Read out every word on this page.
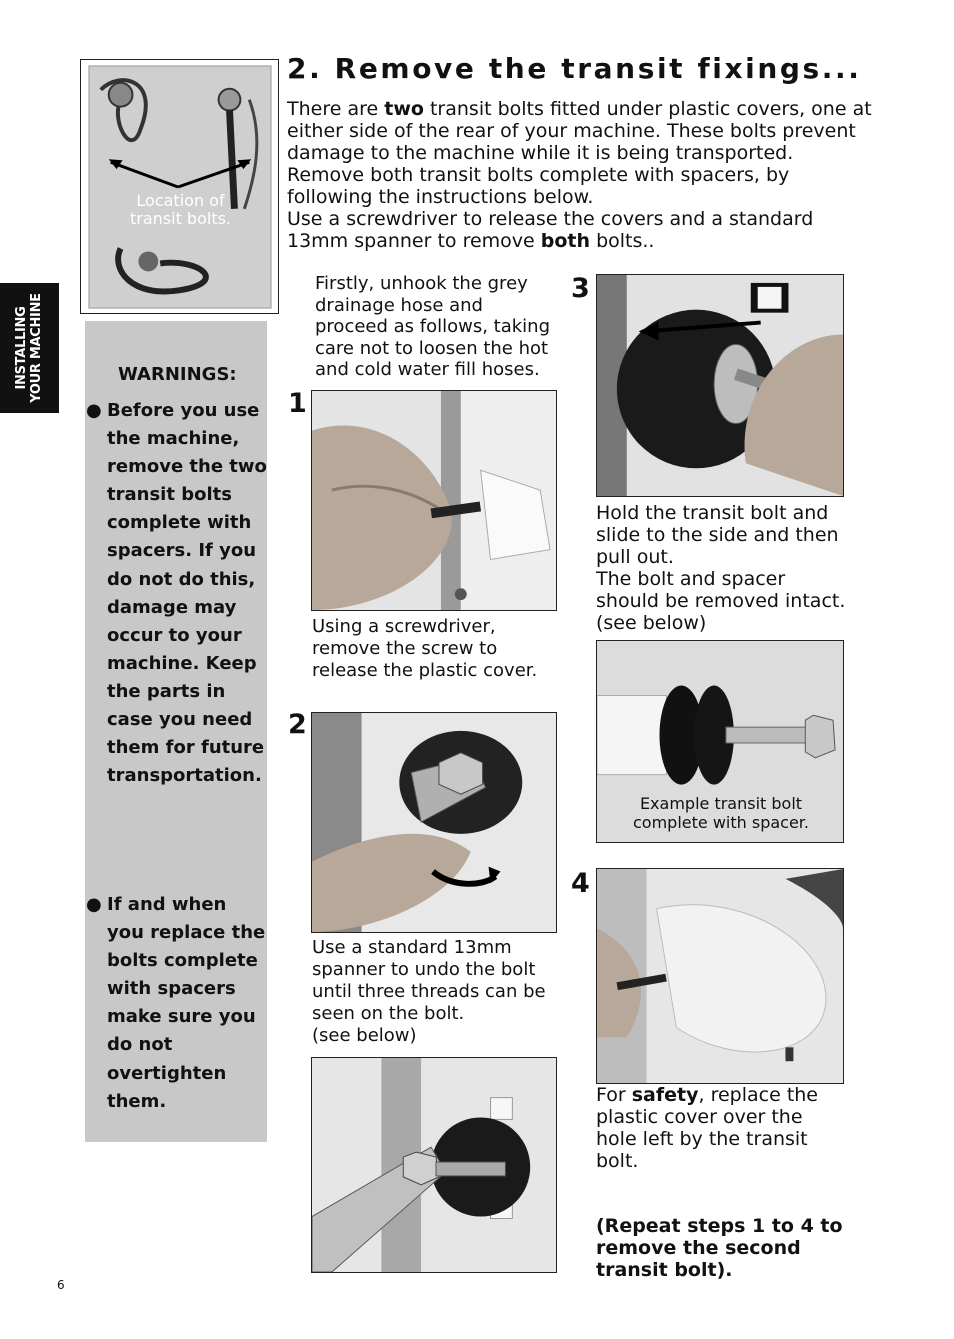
INSTALLING YOUR MACHINE
Location of
transit bolts.
2. Remove the transit fixings...

There are two transit bolts fitted under plastic covers, one at either side of the rear of your machine. These bolts prevent damage to the machine while it is being transported. Remove both transit bolts complete with spacers, by following the instructions below.

Use a screwdriver to release the covers and a standard 13mm spanner to remove both bolts..

WARNINGS:
● Before you use the machine, remove the two transit bolts complete with spacers. If you do not do this, damage may occur to your machine. Keep the parts in case you need them for future transportation.
● If and when you replace the bolts complete with spacers make sure you do not overtighten them.
Firstly, unhook the grey drainage hose and proceed as follows, taking care not to loosen the hot and cold water fill hoses.
1
Using a screwdriver, remove the screw to release the plastic cover.
2

Use a standard 13mm spanner to undo the bolt until three threads can be seen on the bolt.

(see below)

3

Hold the transit bolt and slide to the side and then pull out.

The bolt and spacer should be removed intact. (see below)

Example transit bolt
complete with spacer.
4

For safety, replace the plastic cover over the hole left by the transit bolt.

(Repeat steps 1 to 4 to remove the second transit bolt).
6
